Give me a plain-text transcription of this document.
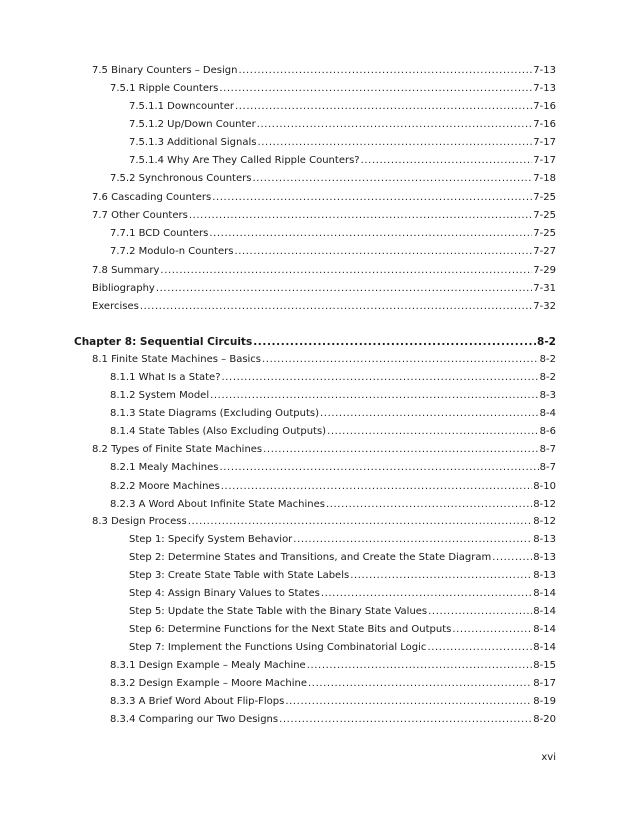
7.5 Binary Counters – Design .....	7-13
7.5.1 Ripple Counters .....	7-13
7.5.1.1 Downcounter .....	7-16
7.5.1.2 Up/Down Counter .....	7-16
7.5.1.3 Additional Signals .....	7-17
7.5.1.4 Why Are They Called Ripple Counters? .....	7-17
7.5.2 Synchronous Counters .....	7-18
7.6 Cascading Counters .....	7-25
7.7 Other Counters .....	7-25
7.7.1 BCD Counters .....	7-25
7.7.2 Modulo-n Counters .....	7-27
7.8 Summary .....	7-29
Bibliography .....	7-31
Exercises .....	7-32
Chapter 8: Sequential Circuits .....	8-2
8.1 Finite State Machines – Basics .....	8-2
8.1.1 What Is a State? .....	8-2
8.1.2 System Model .....	8-3
8.1.3 State Diagrams (Excluding Outputs) .....	8-4
8.1.4 State Tables (Also Excluding Outputs) .....	8-6
8.2 Types of Finite State Machines .....	8-7
8.2.1 Mealy Machines .....	8-7
8.2.2 Moore Machines .....	8-10
8.2.3 A Word About Infinite State Machines .....	8-12
8.3 Design Process .....	8-12
Step 1: Specify System Behavior .....	8-13
Step 2: Determine States and Transitions, and Create the State Diagram .....	8-13
Step 3: Create State Table with State Labels .....	8-13
Step 4: Assign Binary Values to States .....	8-14
Step 5: Update the State Table with the Binary State Values .....	8-14
Step 6: Determine Functions for the Next State Bits and Outputs .....	8-14
Step 7: Implement the Functions Using Combinatorial Logic .....	8-14
8.3.1 Design Example – Mealy Machine .....	8-15
8.3.2 Design Example – Moore Machine .....	8-17
8.3.3 A Brief Word About Flip-Flops .....	8-19
8.3.4 Comparing our Two Designs .....	8-20
xvi
